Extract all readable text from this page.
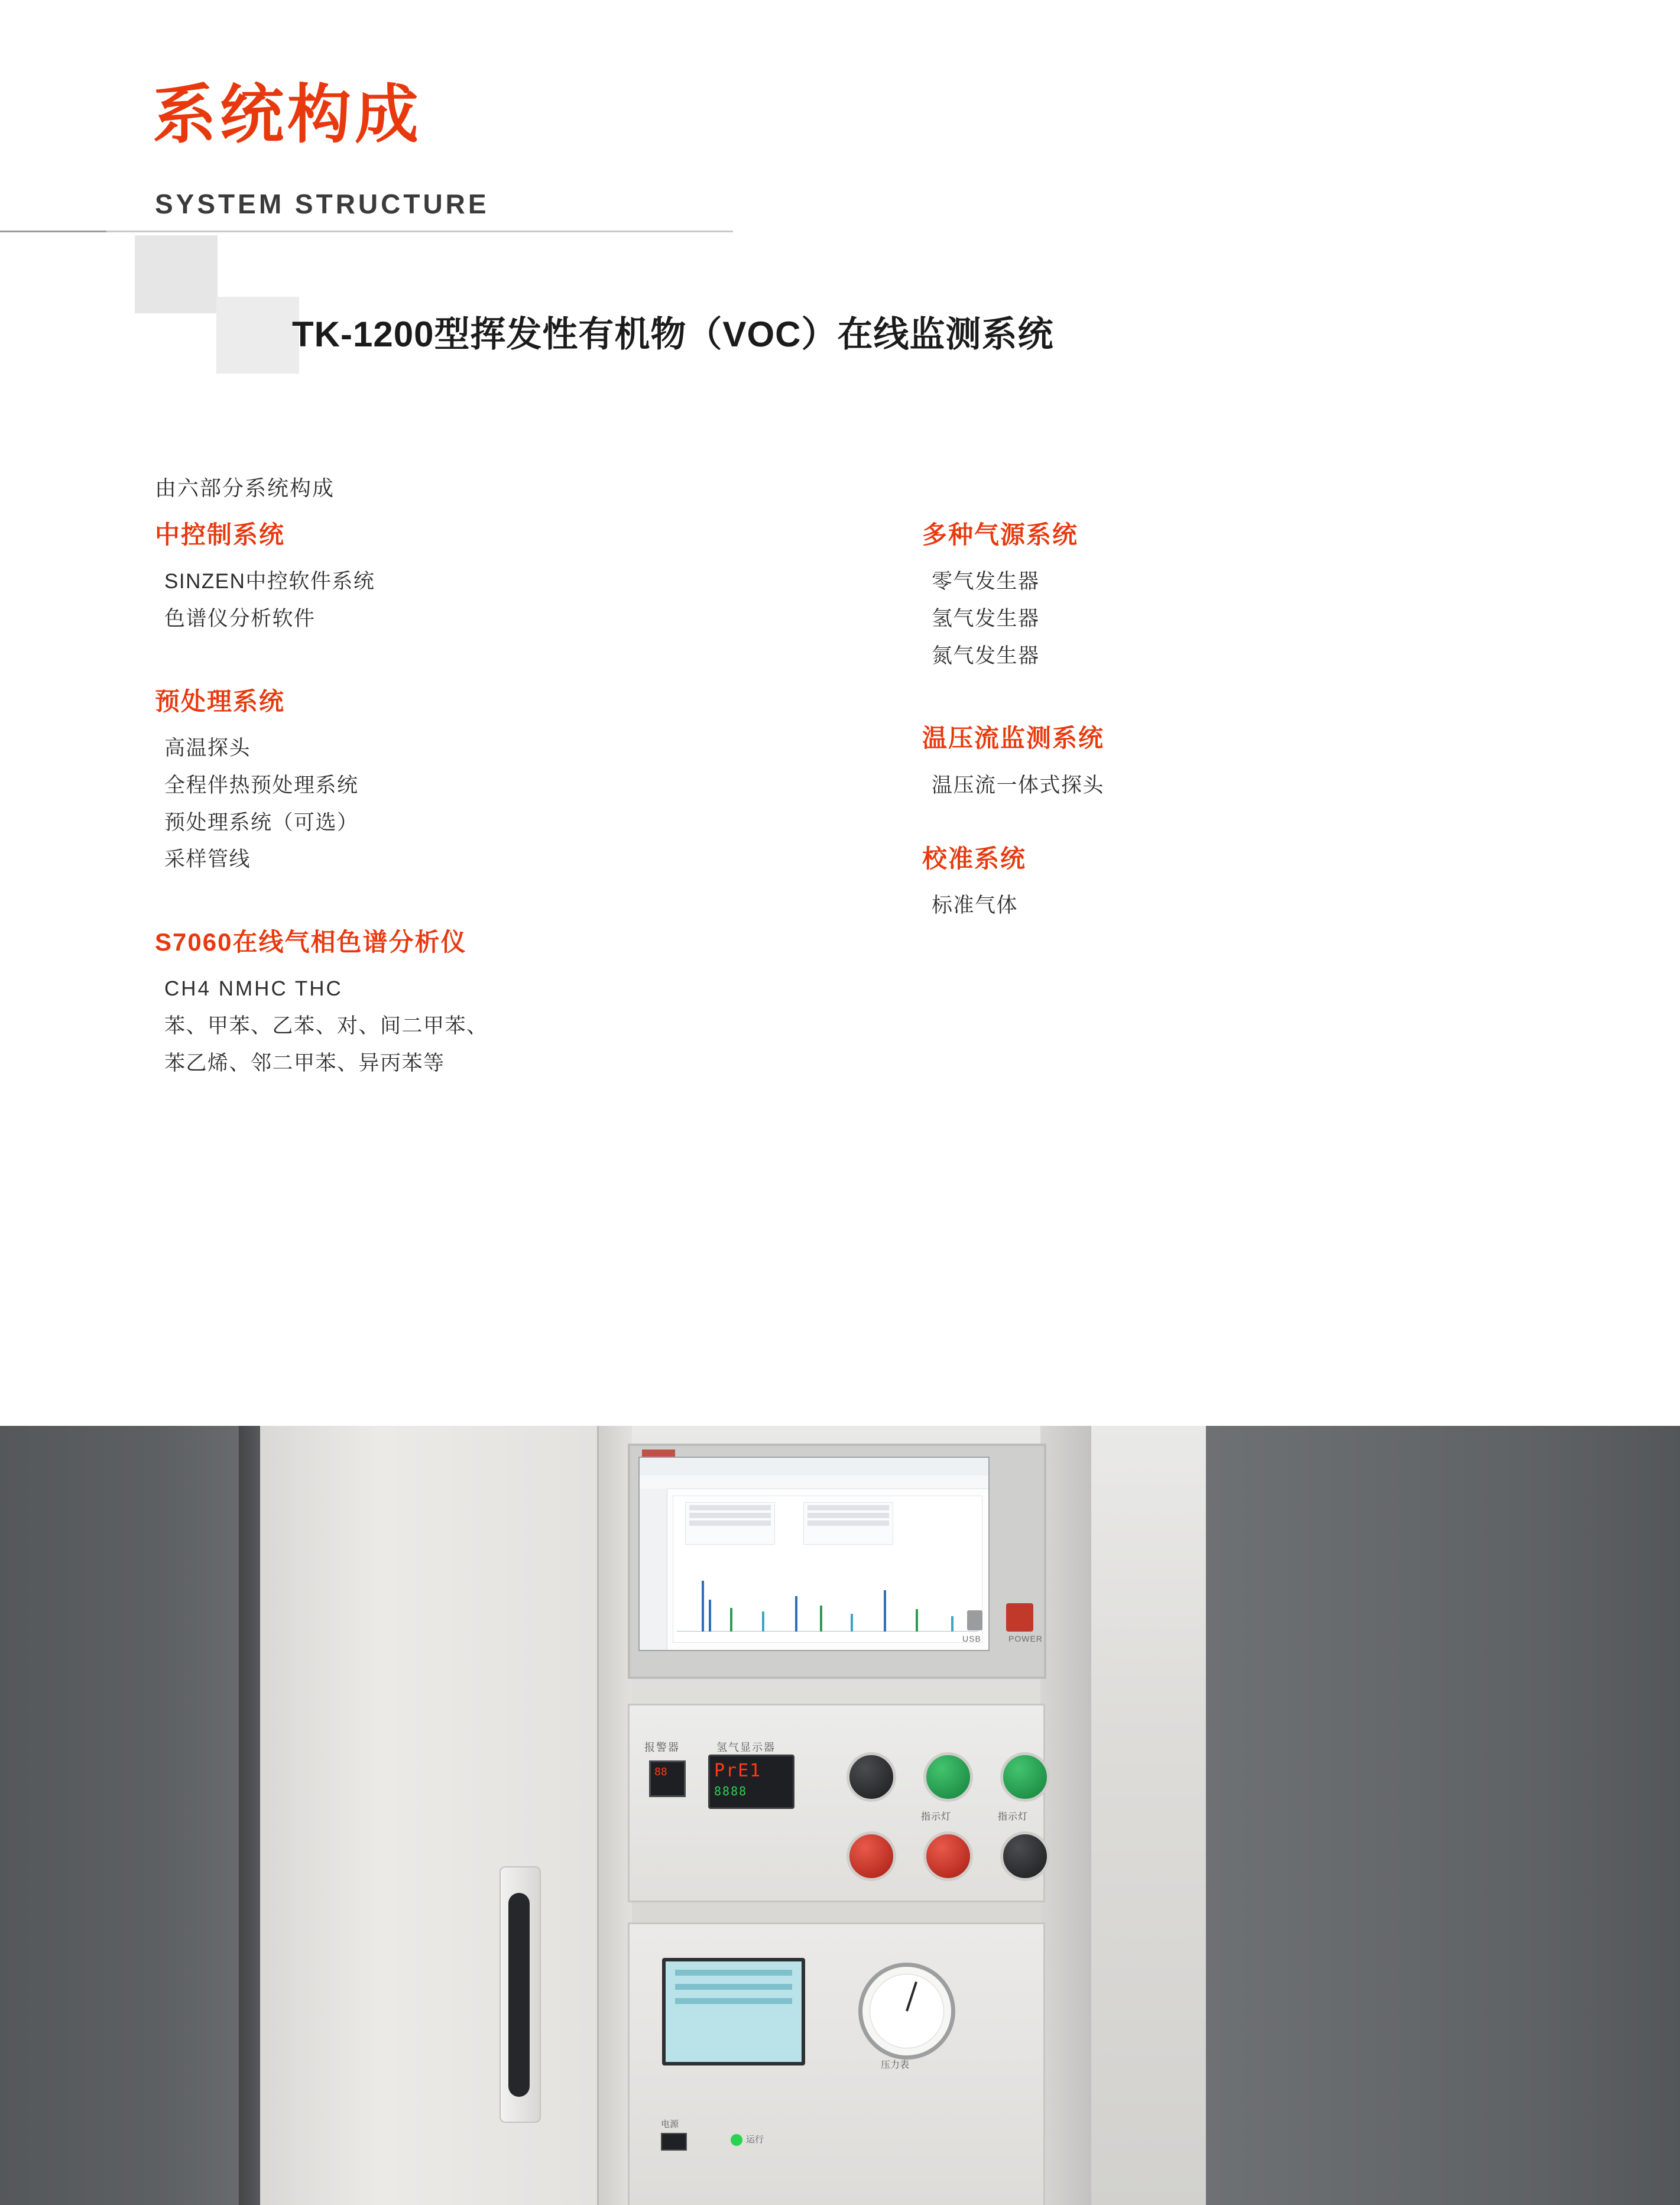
系统构成
SYSTEM STRUCTURE
TK-1200型挥发性有机物（VOC）在线监测系统
由六部分系统构成
中控制系统
SINZEN中控软件系统
色谱仪分析软件
预处理系统
高温探头
全程伴热预处理系统
预处理系统（可选）
采样管线
S7060在线气相色谱分析仪
CH4 NMHC THC
苯、甲苯、乙苯、对、间二甲苯、
苯乙烯、邻二甲苯、异丙苯等
多种气源系统
零气发生器
氢气发生器
氮气发生器
温压流监测系统
温压流一体式探头
校准系统
标准气体
USB	POWER
报警器	氢气显示器
88	PrE1
8888
指示灯	指示灯
压力表
电源
运行
